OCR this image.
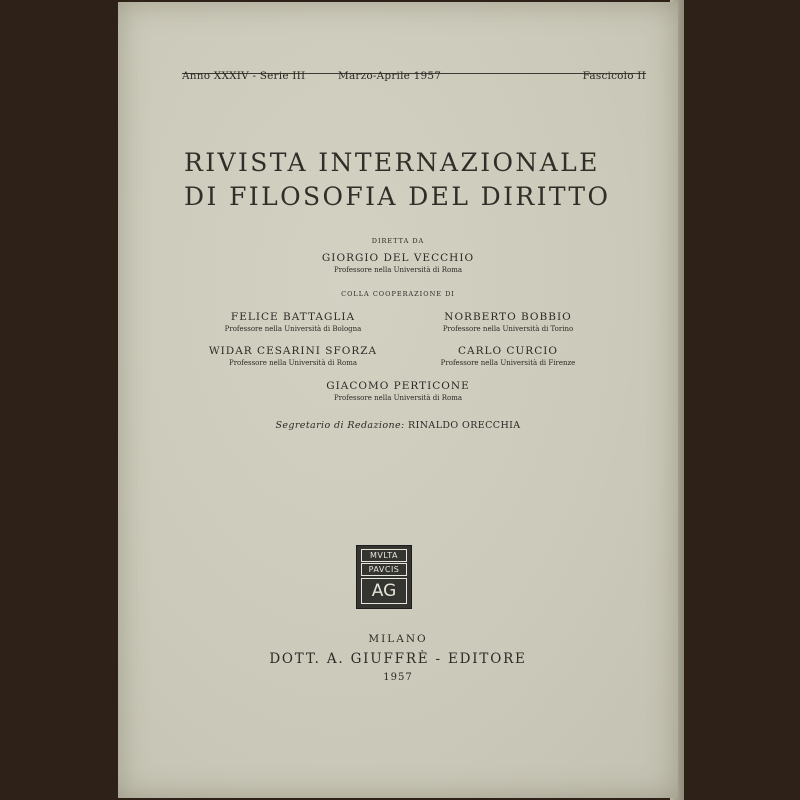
Anno XXXIV - Serie III	Marzo-Aprile 1957	Fascicolo II
RIVISTA INTERNAZIONALE
DI FILOSOFIA DEL DIRITTO
DIRETTA DA
GIORGIO DEL VECCHIO
Professore nella Università di Roma
COLLA COOPERAZIONE DI
FELICE BATTAGLIA
Professore nella Università di Bologna
NORBERTO BOBBIO
Professore nella Università di Torino
WIDAR CESARINI SFORZA
Professore nella Università di Roma
CARLO CURCIO
Professore nella Università di Firenze
GIACOMO PERTICONE
Professore nella Università di Roma
Segretario di Redazione: RINALDO ORECCHIA
MVLTA
PAVCIS
AG
MILANO
DOTT. A. GIUFFRÈ - EDITORE
1957
